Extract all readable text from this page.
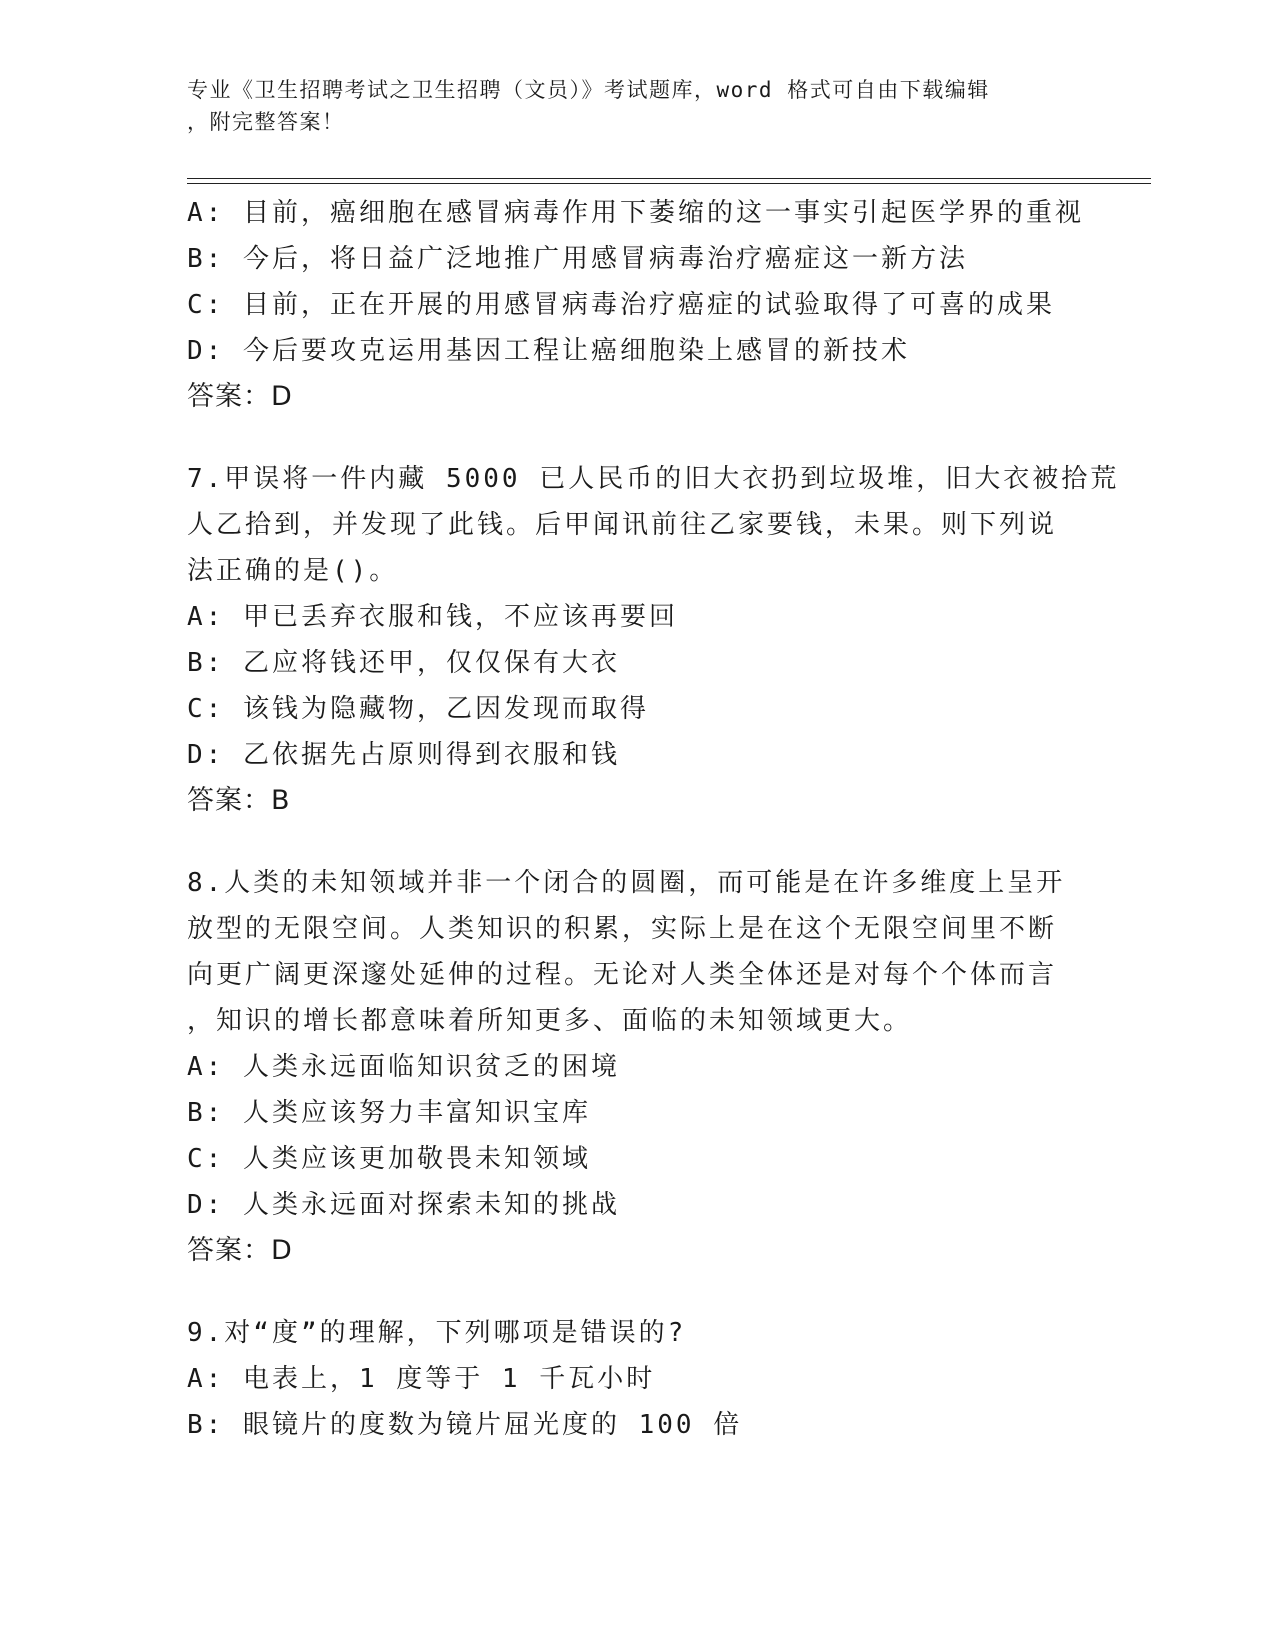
专业《卫生招聘考试之卫生招聘（文员）》考试题库，word 格式可自由下载编辑
，附完整答案！
A: 目前，癌细胞在感冒病毒作用下萎缩的这一事实引起医学界的重视
B: 今后，将日益广泛地推广用感冒病毒治疗癌症这一新方法
C: 目前，正在开展的用感冒病毒治疗癌症的试验取得了可喜的成果
D: 今后要攻克运用基因工程让癌细胞染上感冒的新技术
答案：D
7.甲误将一件内藏 5000 已人民币的旧大衣扔到垃圾堆，旧大衣被拾荒
人乙拾到，并发现了此钱。后甲闻讯前往乙家要钱，未果。则下列说
法正确的是()。
A: 甲已丢弃衣服和钱，不应该再要回
B: 乙应将钱还甲，仅仅保有大衣
C: 该钱为隐藏物，乙因发现而取得
D: 乙依据先占原则得到衣服和钱
答案：B
8.人类的未知领域并非一个闭合的圆圈，而可能是在许多维度上呈开
放型的无限空间。人类知识的积累，实际上是在这个无限空间里不断
向更广阔更深邃处延伸的过程。无论对人类全体还是对每个个体而言
，知识的增长都意味着所知更多、面临的未知领域更大。
A: 人类永远面临知识贫乏的困境
B: 人类应该努力丰富知识宝库
C: 人类应该更加敬畏未知领域
D: 人类永远面对探索未知的挑战
答案：D
9.对“度”的理解，下列哪项是错误的?
A: 电表上，1 度等于 1 千瓦小时
B: 眼镜片的度数为镜片屈光度的 100 倍
